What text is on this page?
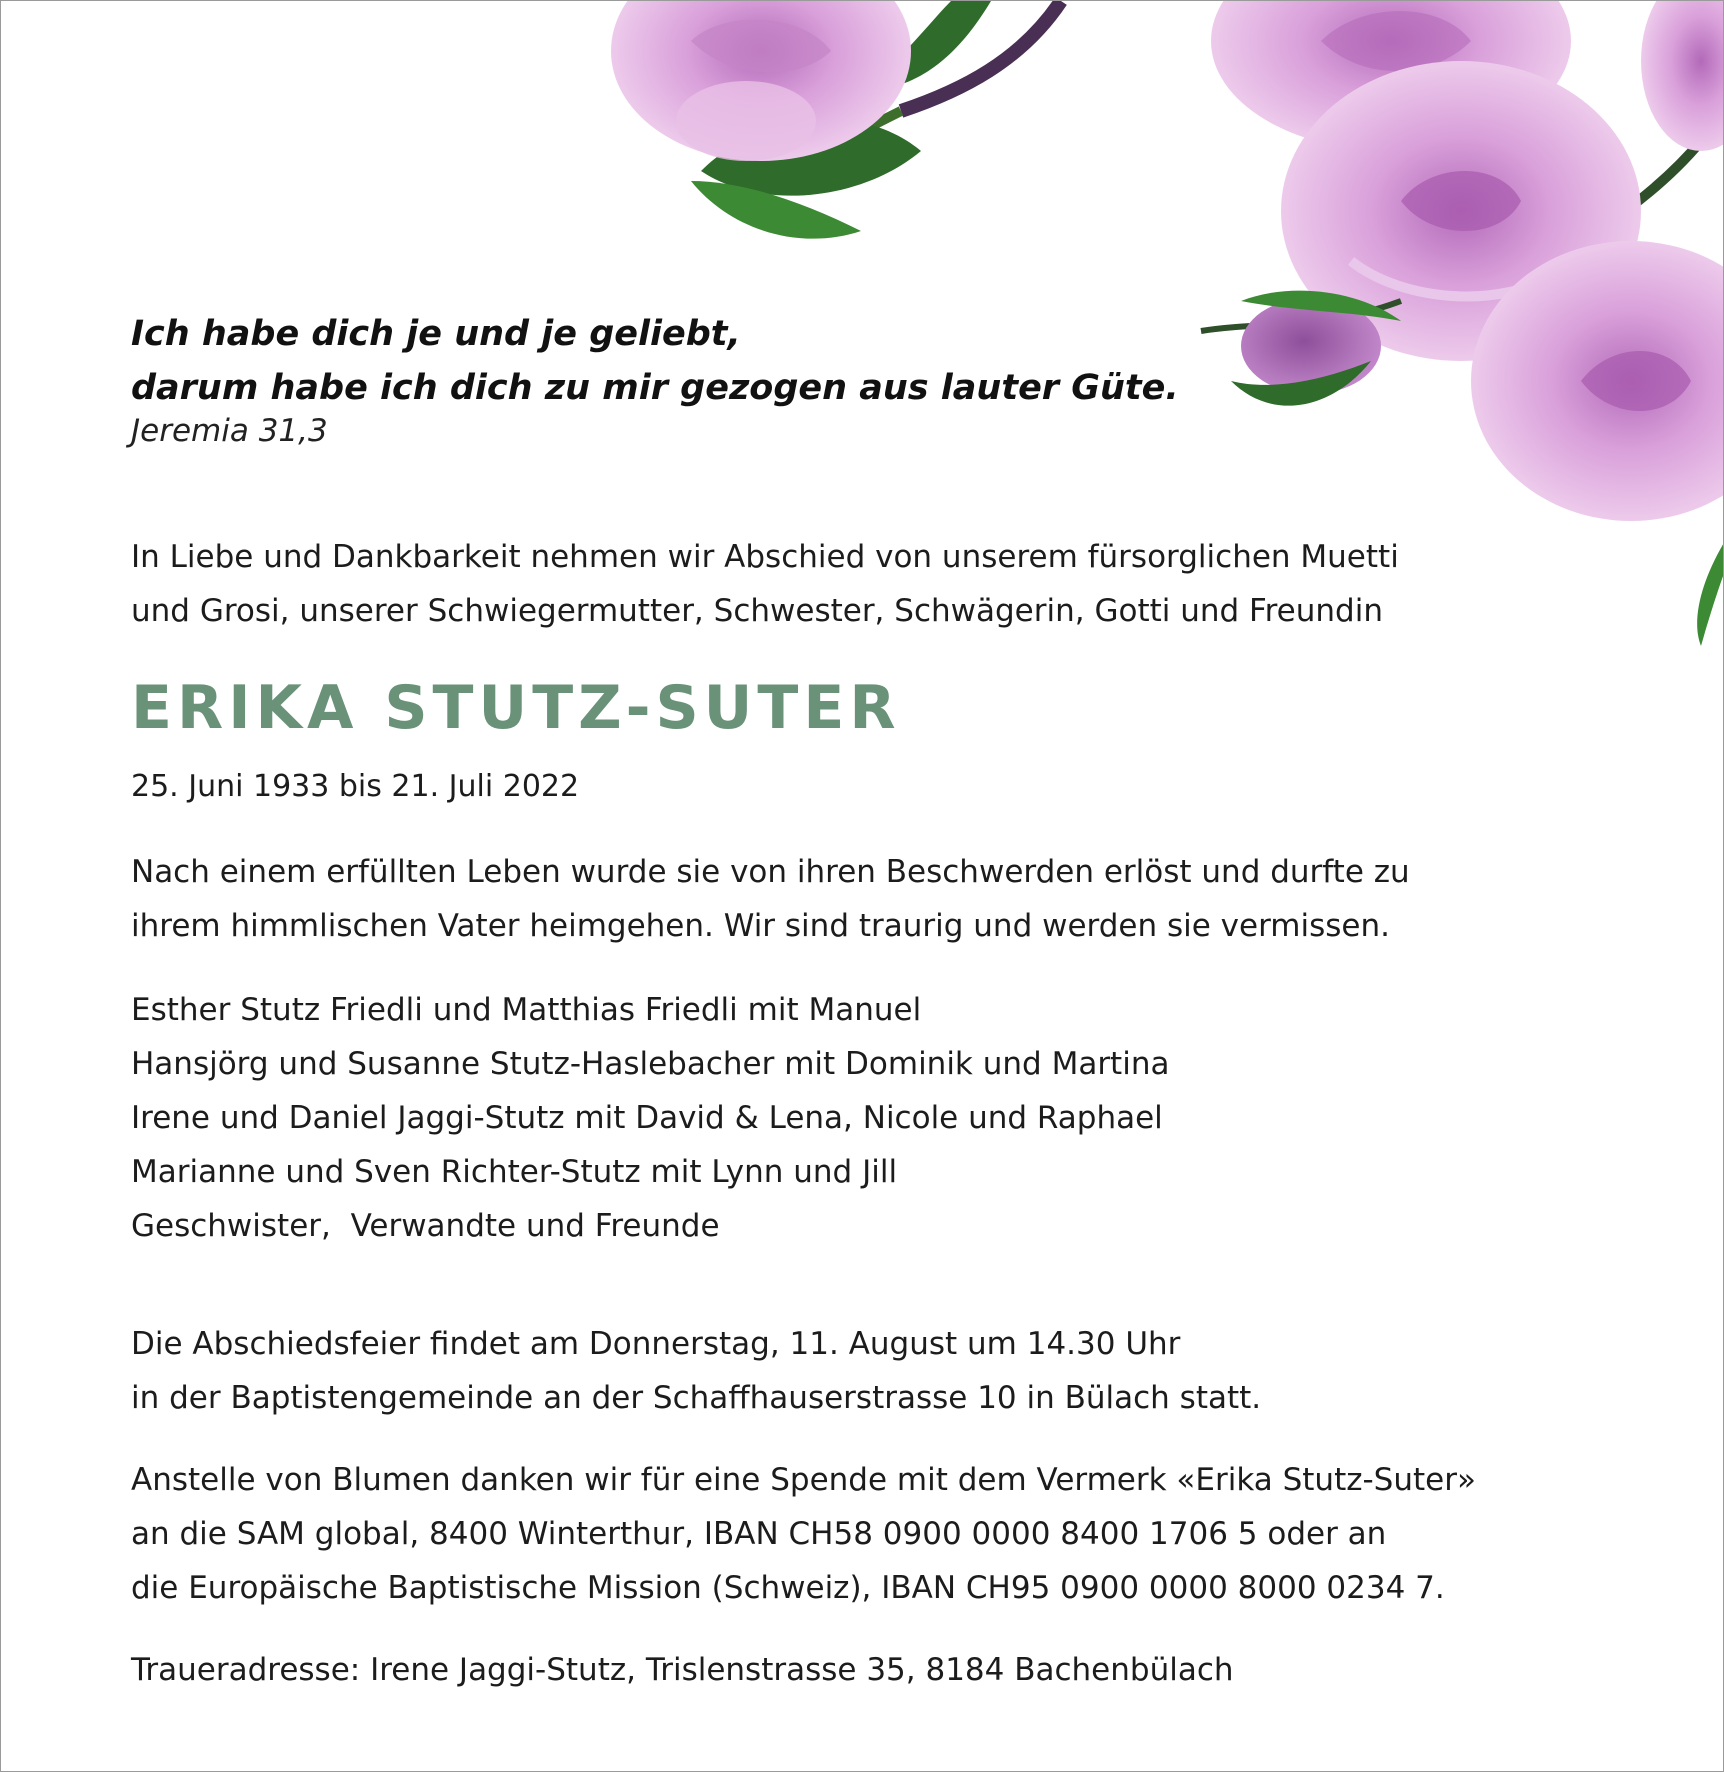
Ich habe dich je und je geliebt,
darum habe ich dich zu mir gezogen aus lauter Güte.
Jeremia 31,3
In Liebe und Dankbarkeit nehmen wir Abschied von unserem fürsorglichen Muetti
und Grosi, unserer Schwiegermutter, Schwester, Schwägerin, Gotti und Freundin
ERIKA STUTZ-SUTER
25. Juni 1933 bis 21. Juli 2022
Nach einem erfüllten Leben wurde sie von ihren Beschwerden erlöst und durfte zu
ihrem himmlischen Vater heimgehen. Wir sind traurig und werden sie vermissen.
Esther Stutz Friedli und Matthias Friedli mit Manuel
Hansjörg und Susanne Stutz-Haslebacher mit Dominik und Martina
Irene und Daniel Jaggi-Stutz mit David & Lena, Nicole und Raphael
Marianne und Sven Richter-Stutz mit Lynn und Jill
Geschwister,  Verwandte und Freunde
Die Abschiedsfeier findet am Donnerstag, 11. August um 14.30 Uhr
in der Baptistengemeinde an der Schaffhauserstrasse 10 in Bülach statt.
Anstelle von Blumen danken wir für eine Spende mit dem Vermerk «Erika Stutz-Suter»
an die SAM global, 8400 Winterthur, IBAN CH58 0900 0000 8400 1706 5 oder an
die Europäische Baptistische Mission (Schweiz), IBAN CH95 0900 0000 8000 0234 7.
Traueradresse: Irene Jaggi-Stutz, Trislenstrasse 35, 8184 Bachenbülach
